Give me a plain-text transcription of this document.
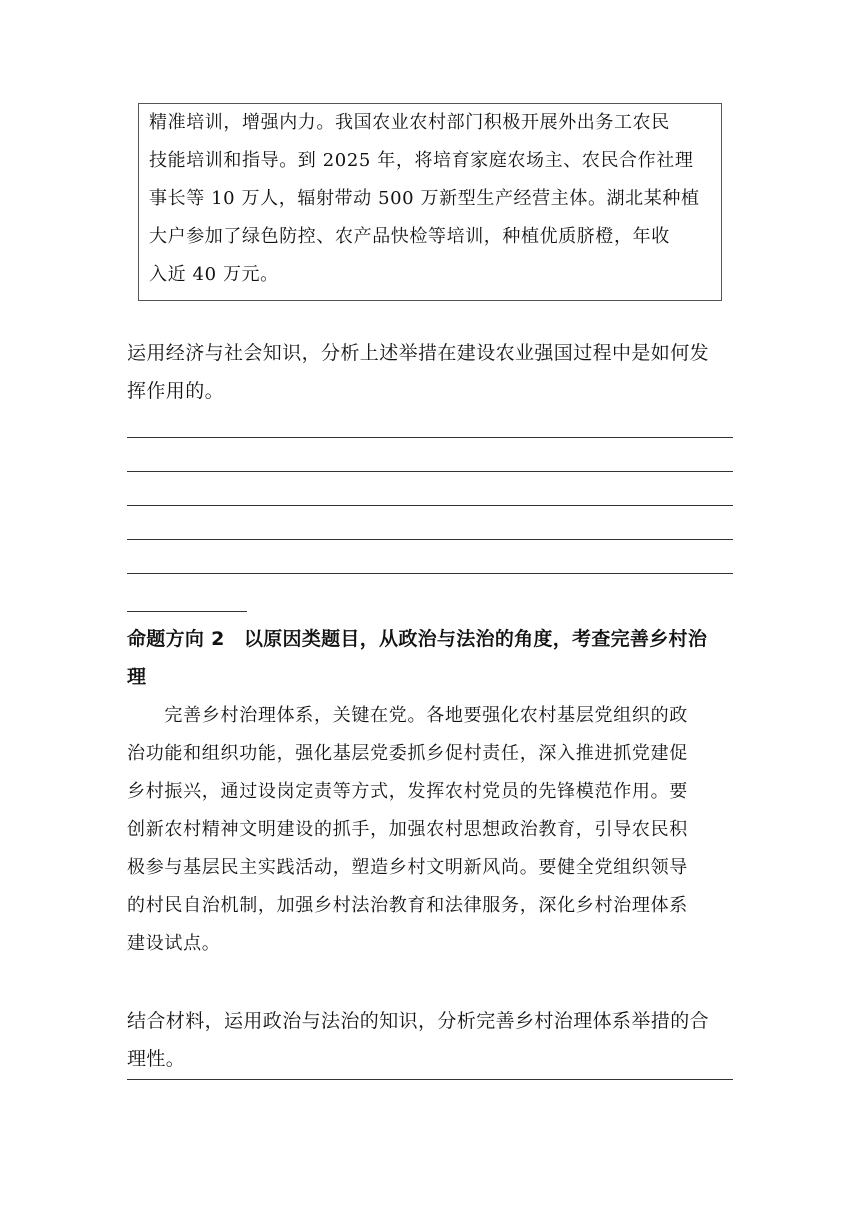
精准培训，增强内力。我国农业农村部门积极开展外出务工农民
技能培训和指导。到 2025 年，将培育家庭农场主、农民合作社理
事长等 10 万人，辐射带动 500 万新型生产经营主体。湖北某种植
大户参加了绿色防控、农产品快检等培训，种植优质脐橙，年收
入近 40 万元。
运用经济与社会知识，分析上述举措在建设农业强国过程中是如何发
挥作用的。
命题方向 2　以原因类题目，从政治与法治的角度，考查完善乡村治
理
　　完善乡村治理体系，关键在党。各地要强化农村基层党组织的政
治功能和组织功能，强化基层党委抓乡促村责任，深入推进抓党建促
乡村振兴，通过设岗定责等方式，发挥农村党员的先锋模范作用。要
创新农村精神文明建设的抓手，加强农村思想政治教育，引导农民积
极参与基层民主实践活动，塑造乡村文明新风尚。要健全党组织领导
的村民自治机制，加强乡村法治教育和法律服务，深化乡村治理体系
建设试点。
结合材料，运用政治与法治的知识，分析完善乡村治理体系举措的合
理性。
